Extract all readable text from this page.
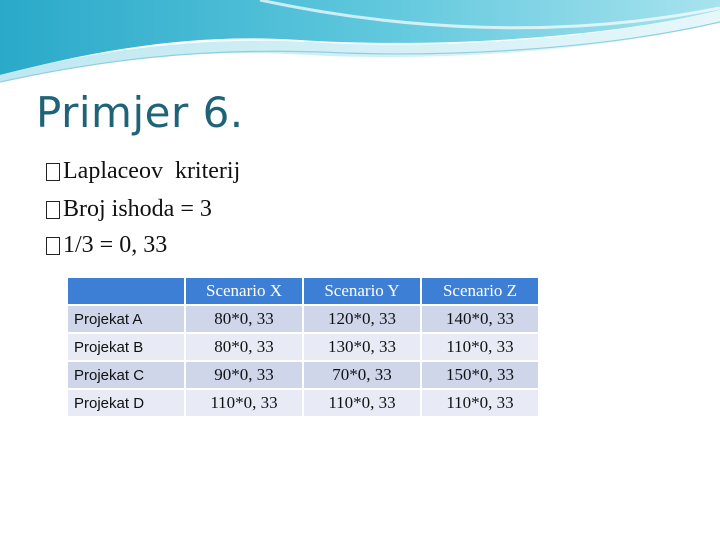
Primjer 6.
Laplaceov  kriterij
Broj ishoda = 3
1/3 = 0, 33
	Scenario X	Scenario Y	Scenario Z
Projekat A	80*0, 33	120*0, 33	140*0, 33
Projekat B	80*0, 33	130*0, 33	110*0, 33
Projekat C	90*0, 33	70*0, 33	150*0, 33
Projekat D	110*0, 33	110*0, 33	110*0, 33
